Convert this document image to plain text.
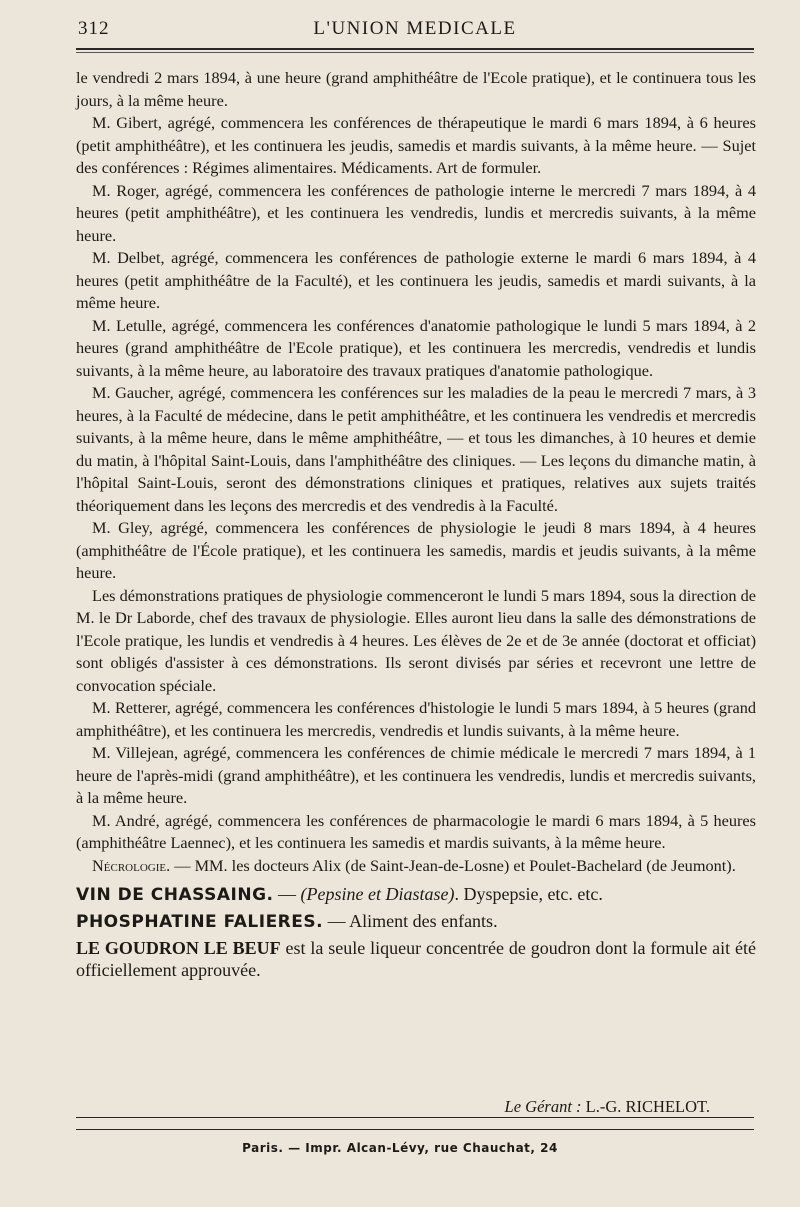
312	L'UNION MEDICALE

le vendredi 2 mars 1894, à une heure (grand amphithéâtre de l'Ecole pratique), et le continuera tous les jours, à la même heure.

M. Gibert, agrégé, commencera les conférences de thérapeutique le mardi 6 mars 1894, à 6 heures (petit amphithéâtre), et les continuera les jeudis, samedis et mardis suivants, à la même heure. — Sujet des conférences : Régimes alimentaires. Médicaments. Art de formuler.

M. Roger, agrégé, commencera les conférences de pathologie interne le mercredi 7 mars 1894, à 4 heures (petit amphithéâtre), et les continuera les vendredis, lundis et mercredis suivants, à la même heure.

M. Delbet, agrégé, commencera les conférences de pathologie externe le mardi 6 mars 1894, à 4 heures (petit amphithéâtre de la Faculté), et les continuera les jeudis, samedis et mardi suivants, à la même heure.

M. Letulle, agrégé, commencera les conférences d'anatomie pathologique le lundi 5 mars 1894, à 2 heures (grand amphithéâtre de l'Ecole pratique), et les continuera les mercredis, vendredis et lundis suivants, à la même heure, au laboratoire des travaux pratiques d'anatomie pathologique.

M. Gaucher, agrégé, commencera les conférences sur les maladies de la peau le mercredi 7 mars, à 3 heures, à la Faculté de médecine, dans le petit amphithéâtre, et les continuera les vendredis et mercredis suivants, à la même heure, dans le même amphithéâtre, — et tous les dimanches, à 10 heures et demie du matin, à l'hôpital Saint-Louis, dans l'amphithéâtre des cliniques. — Les leçons du dimanche matin, à l'hôpital Saint-Louis, seront des démonstrations cliniques et pratiques, relatives aux sujets traités théoriquement dans les leçons des mercredis et des vendredis à la Faculté.

M. Gley, agrégé, commencera les conférences de physiologie le jeudi 8 mars 1894, à 4 heures (amphithéâtre de l'École pratique), et les continuera les samedis, mardis et jeudis suivants, à la même heure.

Les démonstrations pratiques de physiologie commenceront le lundi 5 mars 1894, sous la direction de M. le Dr Laborde, chef des travaux de physiologie. Elles auront lieu dans la salle des démonstrations de l'Ecole pratique, les lundis et vendredis à 4 heures. Les élèves de 2e et de 3e année (doctorat et officiat) sont obligés d'assister à ces démonstrations. Ils seront divisés par séries et recevront une lettre de convocation spéciale.

M. Retterer, agrégé, commencera les conférences d'histologie le lundi 5 mars 1894, à 5 heures (grand amphithéâtre), et les continuera les mercredis, vendredis et lundis suivants, à la même heure.

M. Villejean, agrégé, commencera les conférences de chimie médicale le mercredi 7 mars 1894, à 1 heure de l'après-midi (grand amphithéâtre), et les continuera les vendredis, lundis et mercredis suivants, à la même heure.

M. André, agrégé, commencera les conférences de pharmacologie le mardi 6 mars 1894, à 5 heures (amphithéâtre Laennec), et les continuera les samedis et mardis suivants, à la même heure.

Nécrologie. — MM. les docteurs Alix (de Saint-Jean-de-Losne) et Poulet-Bachelard (de Jeumont).

VIN DE CHASSAING. — (Pepsine et Diastase). Dyspepsie, etc. etc.

PHOSPHATINE FALIERES. — Aliment des enfants.

LE GOUDRON LE BEUF est la seule liqueur concentrée de goudron dont la formule ait été officiellement approuvée.

Le Gérant : L.-G. RICHELOT.
Paris. — Impr. Alcan-Lévy, rue Chauchat, 24
